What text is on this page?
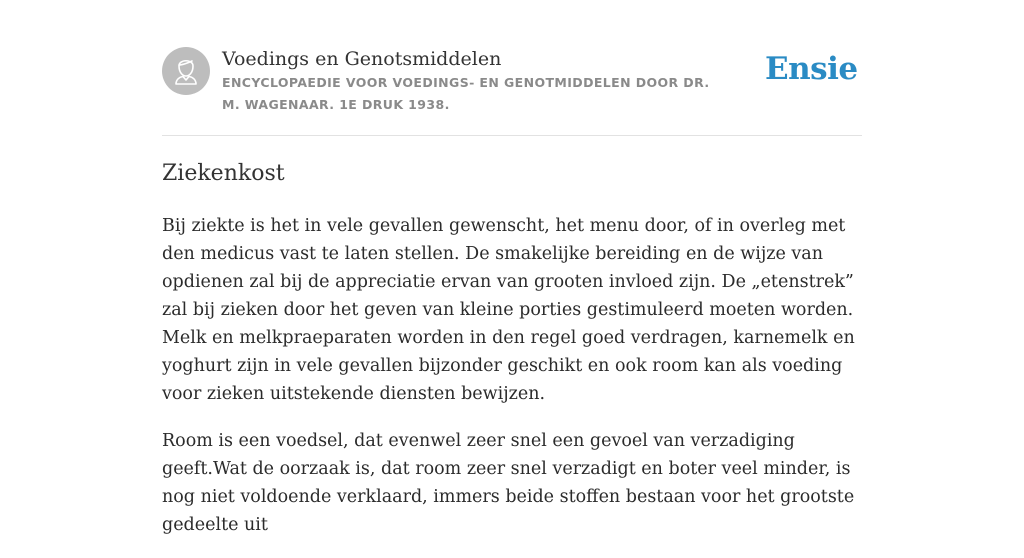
Voedings en Genotsmiddelen
ENCYCLOPAEDIE VOOR VOEDINGS- EN GENOTMIDDELEN DOOR DR. M. WAGENAAR. 1E DRUK 1938.
Ensie
Ziekenkost

Bij ziekte is het in vele gevallen gewenscht, het menu door, of in overleg met den medicus vast te laten stellen. De smakelijke bereiding en de wijze van opdienen zal bij de appreciatie ervan van grooten invloed zijn. De „etenstrek” zal bij zieken door het geven van kleine porties gestimuleerd moeten worden. Melk en melkpraeparaten worden in den regel goed verdragen, karnemelk en yoghurt zijn in vele gevallen bijzonder geschikt en ook room kan als voeding voor zieken uitstekende diensten bewijzen.

Room is een voedsel, dat evenwel zeer snel een gevoel van verzadiging geeft.Wat de oorzaak is, dat room zeer snel verzadigt en boter veel minder, is nog niet voldoende verklaard, immers beide stoffen bestaan voor het grootste gedeelte uit
